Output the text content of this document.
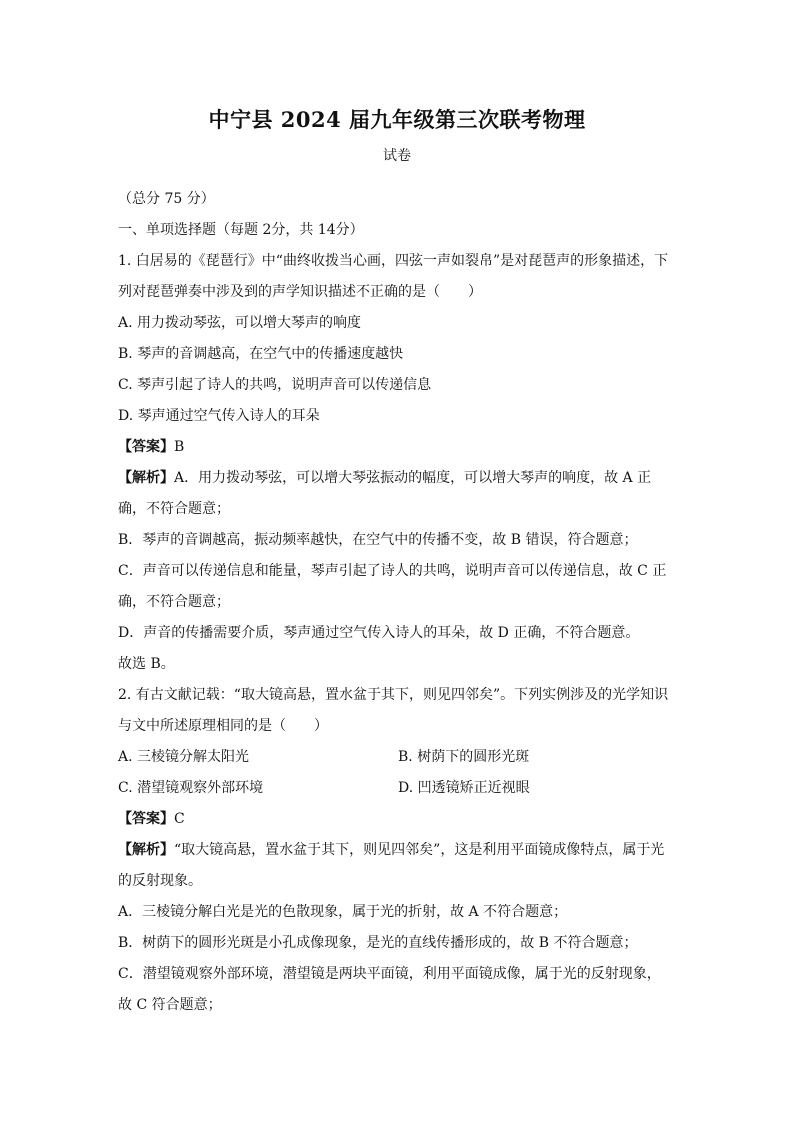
中宁县 2024 届九年级第三次联考物理
试卷
（总分 75 分）
一、单项选择题（每题 2分，共 14分）
1. 白居易的《琵琶行》中“曲终收拨当心画，四弦一声如裂帛”是对琵琶声的形象描述，下
列对琵琶弹奏中涉及到的声学知识描述不正确的是（　　）
A. 用力拨动琴弦，可以增大琴声的响度
B. 琴声的音调越高，在空气中的传播速度越快
C. 琴声引起了诗人的共鸣，说明声音可以传递信息
D. 琴声通过空气传入诗人的耳朵
【答案】B
【解析】A．用力拨动琴弦，可以增大琴弦振动的幅度，可以增大琴声的响度，故 A 正
确，不符合题意；
B．琴声的音调越高，振动频率越快，在空气中的传播不变，故 B 错误，符合题意；
C．声音可以传递信息和能量，琴声引起了诗人的共鸣，说明声音可以传递信息，故 C 正
确，不符合题意；
D．声音的传播需要介质，琴声通过空气传入诗人的耳朵，故 D 正确，不符合题意。
故选 B。
2. 有古文献记载：“取大镜高悬，置水盆于其下，则见四邻矣”。下列实例涉及的光学知识
与文中所述原理相同的是（　　）
A. 三棱镜分解太阳光	B. 树荫下的圆形光斑
C. 潜望镜观察外部环境	D. 凹透镜矫正近视眼
【答案】C
【解析】“取大镜高悬，置水盆于其下，则见四邻矣”，这是利用平面镜成像特点，属于光
的反射现象。
A．三棱镜分解白光是光的色散现象，属于光的折射，故 A 不符合题意；
B．树荫下的圆形光斑是小孔成像现象，是光的直线传播形成的，故 B 不符合题意；
C．潜望镜观察外部环境，潜望镜是两块平面镜，利用平面镜成像，属于光的反射现象，
故 C 符合题意；
